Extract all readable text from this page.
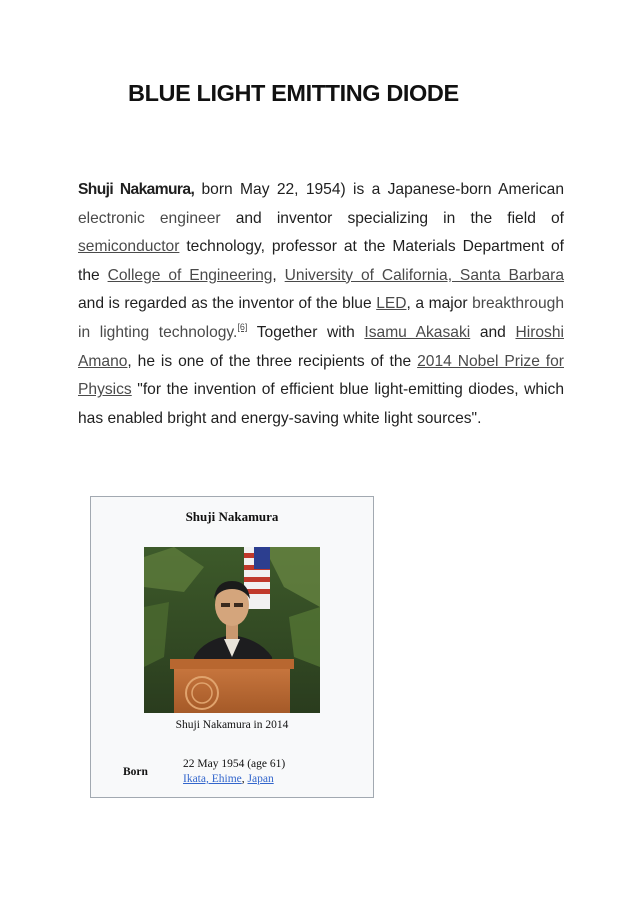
BLUE LIGHT EMITTING DIODE
Shuji Nakamura, born May 22, 1954) is a Japanese-born American electronic engineer and inventor specializing in the field of semiconductor technology, professor at the Materials Department of the College of Engineering, University of California, Santa Barbara and is regarded as the inventor of the blue LED, a major breakthrough in lighting technology.[6] Together with Isamu Akasaki and Hiroshi Amano, he is one of the three recipients of the 2014 Nobel Prize for Physics "for the invention of efficient blue light-emitting diodes, which has enabled bright and energy-saving white light sources".
Shuji Nakamura
Shuji Nakamura in 2014
Born
22 May 1954 (age 61)
Ikata, Ehime, Japan
